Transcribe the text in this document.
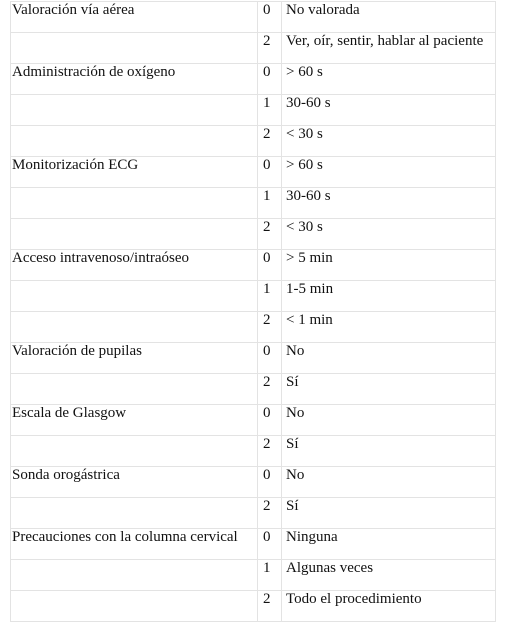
Valoración vía aérea	0	No valorada
	2	Ver, oír, sentir, hablar al paciente
Administración de oxígeno	0	> 60 s
	1	30-60 s
	2	< 30 s
Monitorización ECG	0	> 60 s
	1	30-60 s
	2	< 30 s
Acceso intravenoso/intraóseo	0	> 5 min
	1	1-5 min
	2	< 1 min
Valoración de pupilas	0	No
	2	Sí
Escala de Glasgow	0	No
	2	Sí
Sonda orogástrica	0	No
	2	Sí
Precauciones con la columna cervical	0	Ninguna
	1	Algunas veces
	2	Todo el procedimiento
